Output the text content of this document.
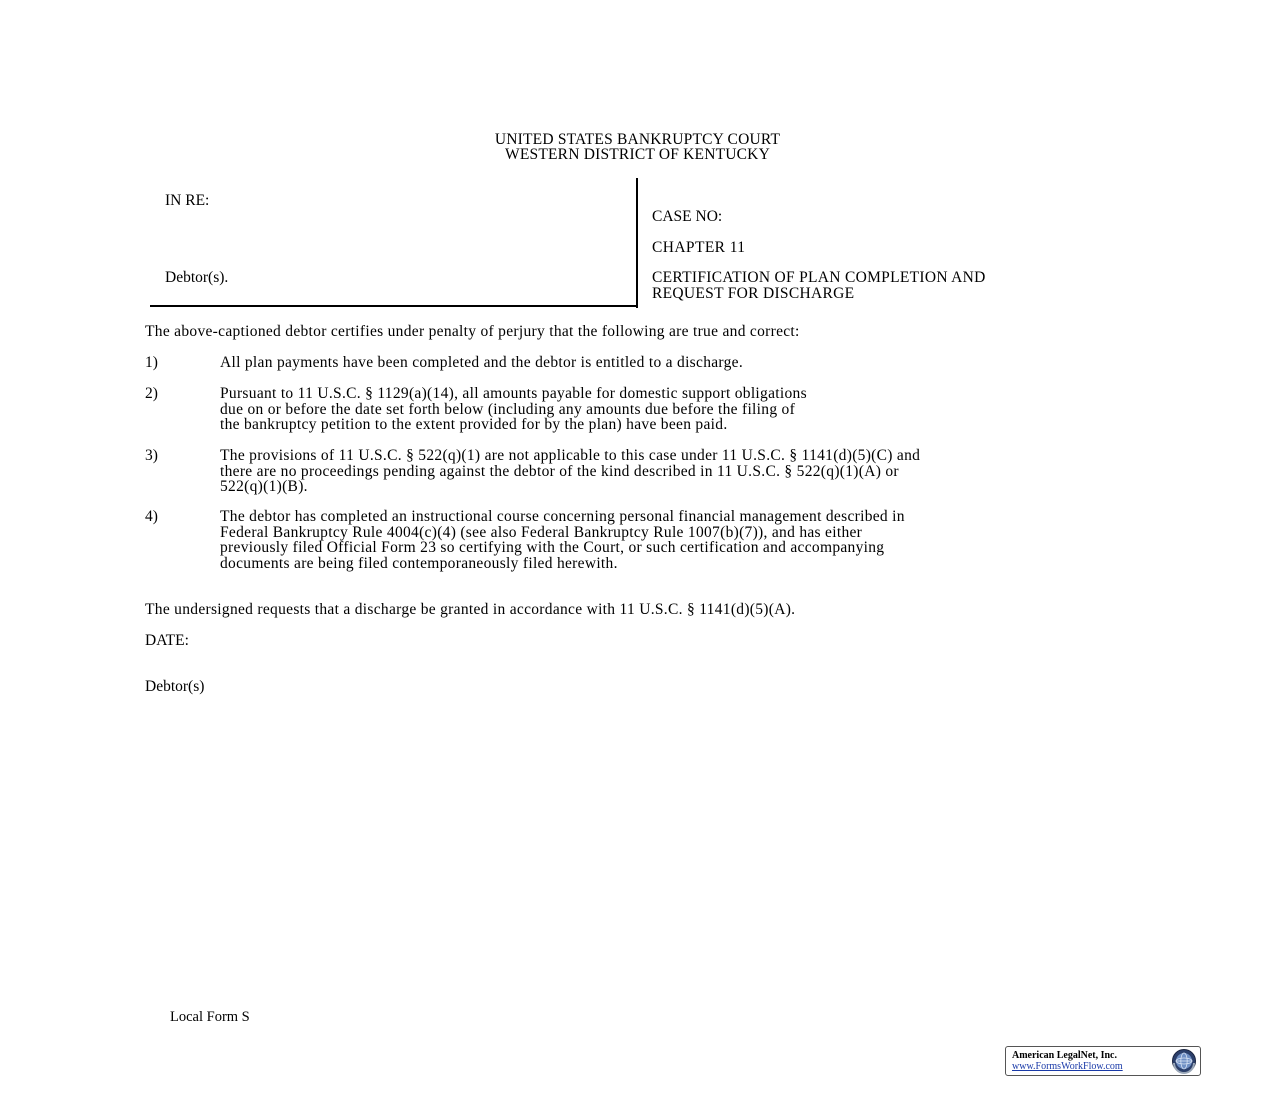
UNITED STATES BANKRUPTCY COURT
WESTERN DISTRICT OF KENTUCKY
IN RE:
Debtor(s).
CASE NO:
CHAPTER 11
CERTIFICATION OF PLAN COMPLETION AND
REQUEST FOR DISCHARGE
The above-captioned debtor certifies under penalty of perjury that the following are true and correct:
1)	All plan payments have been completed and the debtor is entitled to a discharge.
2)	Pursuant to 11 U.S.C. § 1129(a)(14), all amounts payable for domestic support obligations
due on or before the date set forth below (including any amounts due before the filing of
the bankruptcy petition to the extent provided for by the plan) have been paid.
3)	The provisions of 11 U.S.C. § 522(q)(1) are not applicable to this case under 11 U.S.C. § 1141(d)(5)(C) and
there are no proceedings pending against the debtor of the kind described in 11 U.S.C. § 522(q)(1)(A) or
522(q)(1)(B).
4)	The debtor has completed an instructional course concerning personal financial management described in
Federal Bankruptcy Rule 4004(c)(4) (see also Federal Bankruptcy Rule 1007(b)(7)), and has either
previously filed Official Form 23 so certifying with the Court, or such certification and accompanying
documents are being filed contemporaneously filed herewith.
The undersigned requests that a discharge be granted in accordance with 11 U.S.C. § 1141(d)(5)(A).
DATE:
Debtor(s)
Local Form S
American LegalNet, Inc.
www.FormsWorkFlow.com
